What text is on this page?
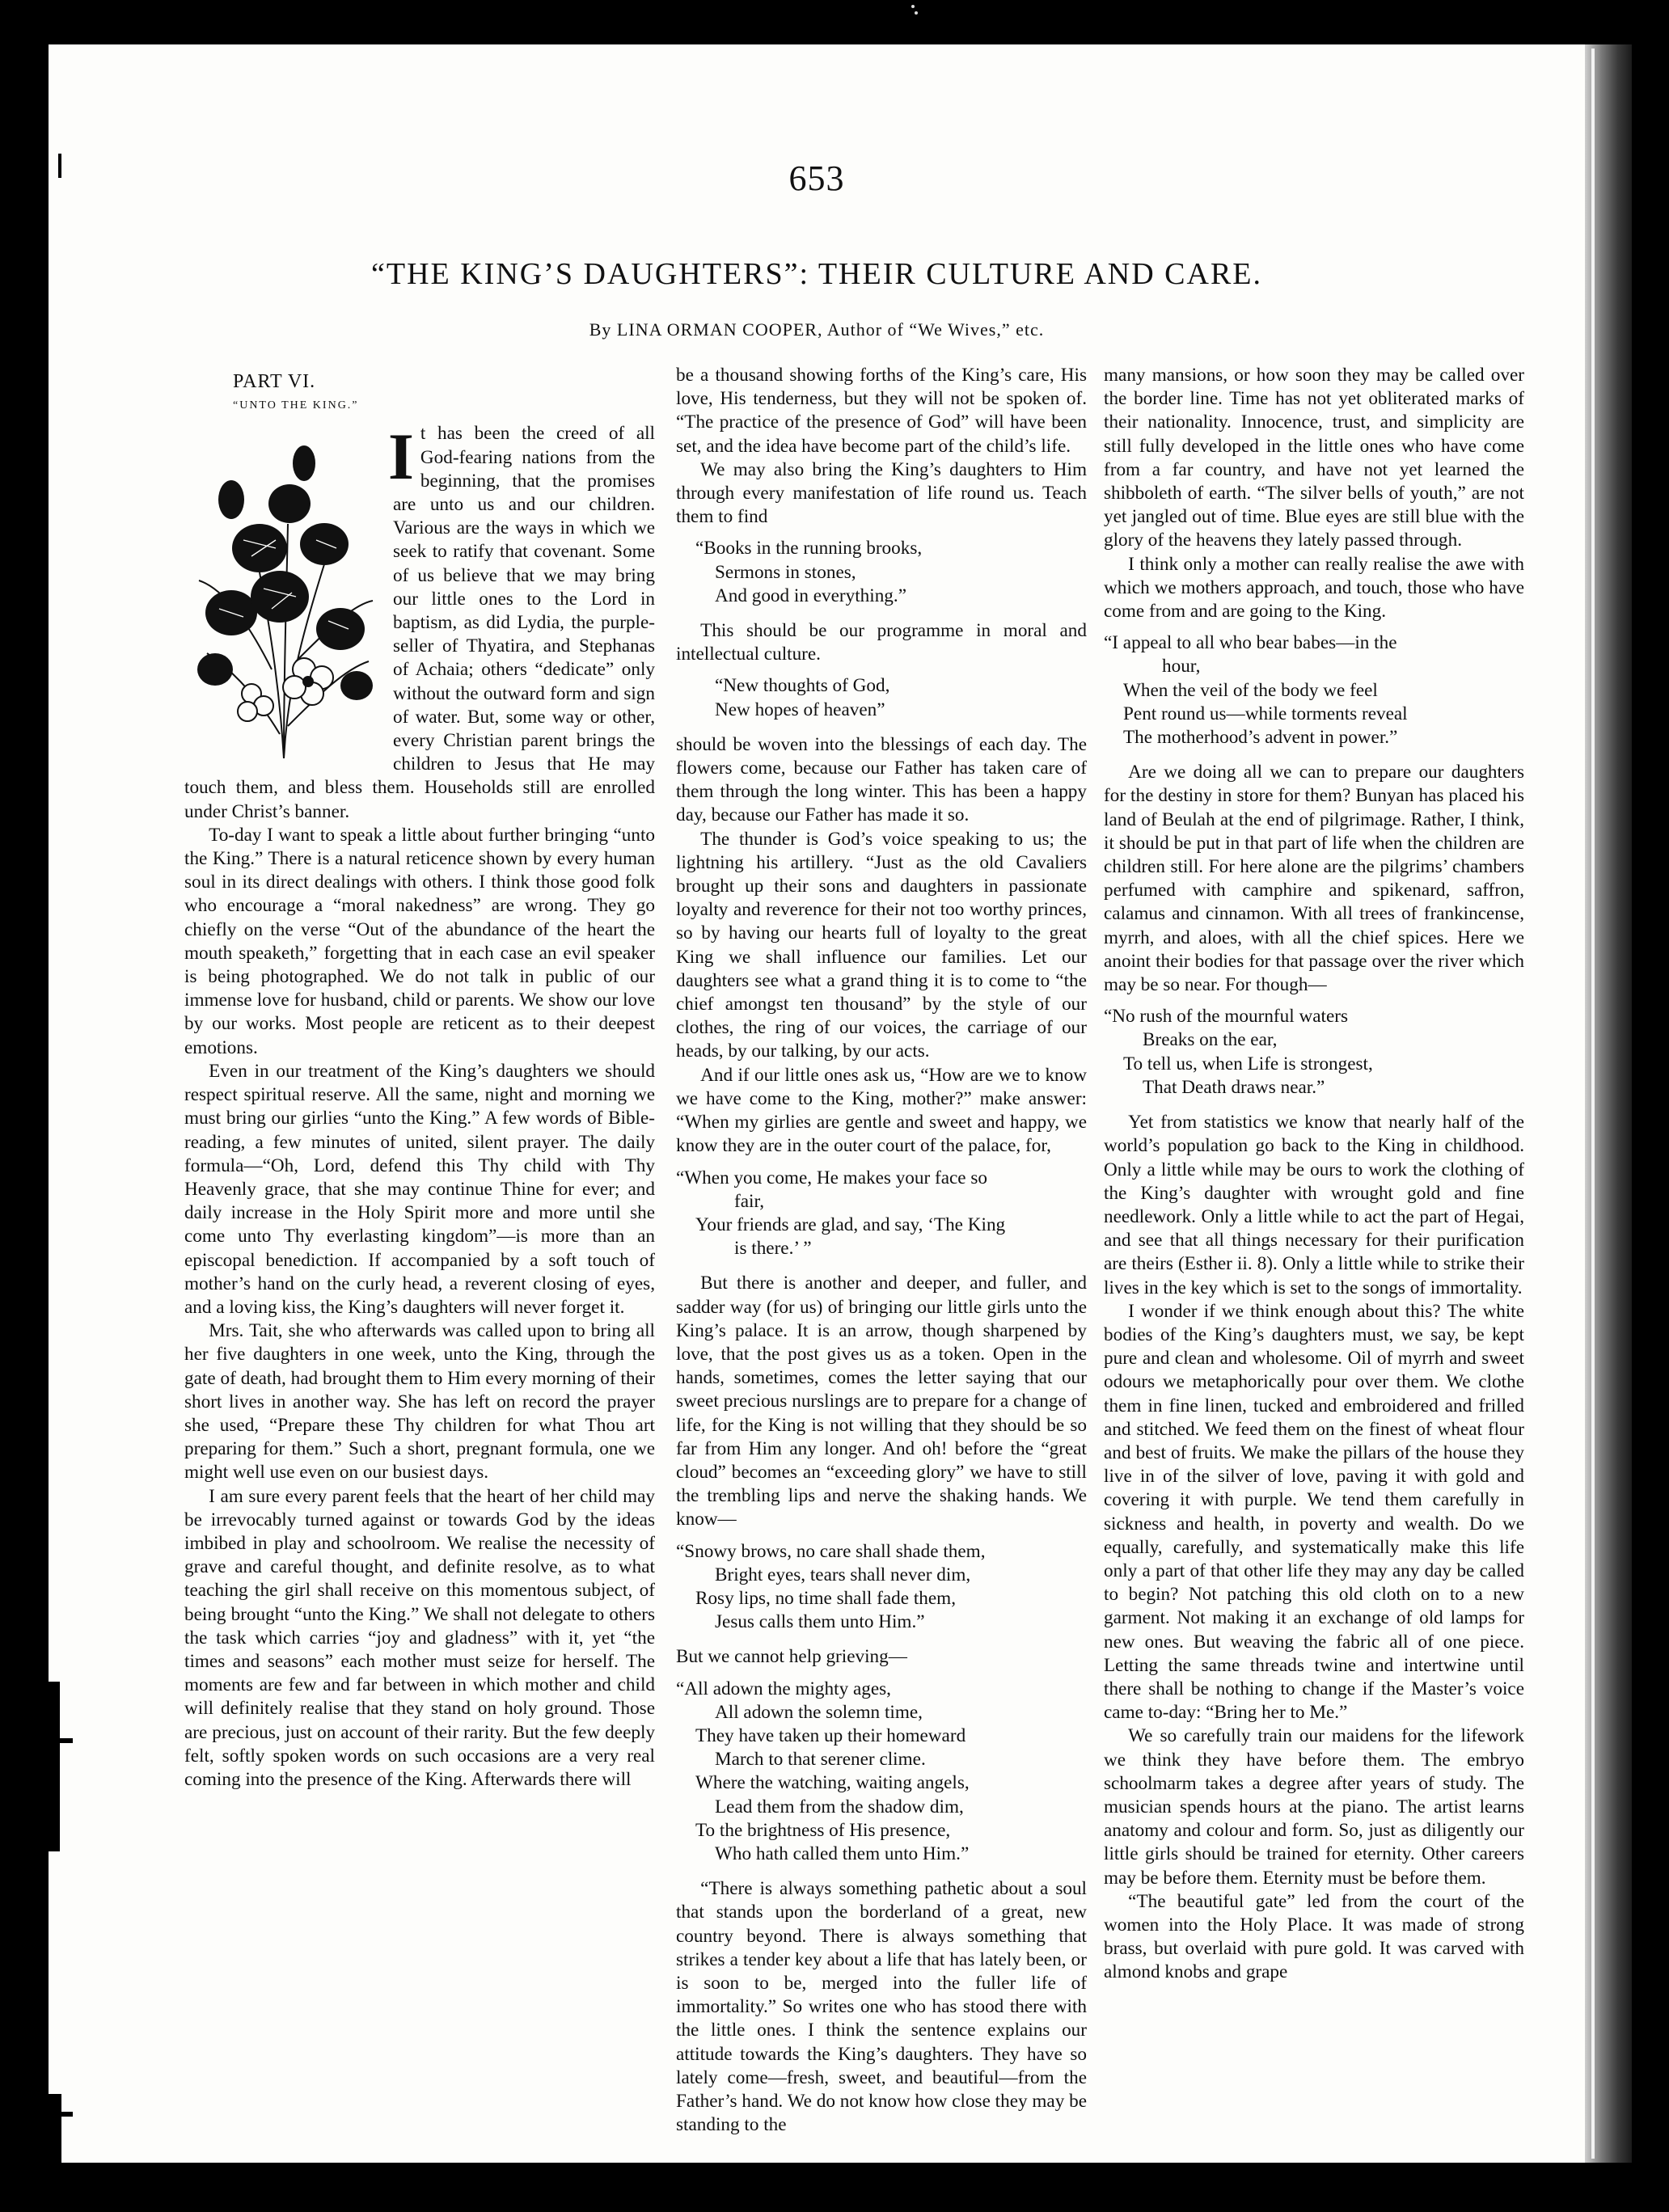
653
“THE KING’S DAUGHTERS”: THEIR CULTURE AND CARE.
By LINA ORMAN COOPER, Author of “We Wives,” etc.
PART VI.
“UNTO THE KING.”
I t has been the creed of all God-fearing nations from the beginning, that the promises are unto us and our children. Various are the ways in which we seek to ratify that covenant. Some of us believe that we may bring our little ones to the Lord in baptism, as did Lydia, the purple-seller of Thyatira, and Stephanas of Achaia; others “dedicate” only without the outward form and sign of water. But, some way or other, every Christian parent brings the children to Jesus that He may touch them, and bless them. Households still are enrolled under Christ’s banner.

To-day I want to speak a little about further bringing “unto the King.” There is a natural reticence shown by every human soul in its direct dealings with others. I think those good folk who encourage a “moral nakedness” are wrong. They go chiefly on the verse “Out of the abundance of the heart the mouth speaketh,” forgetting that in each case an evil speaker is being photographed. We do not talk in public of our immense love for husband, child or parents. We show our love by our works. Most people are reticent as to their deepest emotions.

Even in our treatment of the King’s daughters we should respect spiritual reserve. All the same, night and morning we must bring our girlies “unto the King.” A few words of Bible-reading, a few minutes of united, silent prayer. The daily formula—“Oh, Lord, defend this Thy child with Thy Heavenly grace, that she may continue Thine for ever; and daily increase in the Holy Spirit more and more until she come unto Thy everlasting kingdom”—is more than an episcopal benediction. If accompanied by a soft touch of mother’s hand on the curly head, a reverent closing of eyes, and a loving kiss, the King’s daughters will never forget it.

Mrs. Tait, she who afterwards was called upon to bring all her five daughters in one week, unto the King, through the gate of death, had brought them to Him every morning of their short lives in another way. She has left on record the prayer she used, “Prepare these Thy children for what Thou art preparing for them.” Such a short, pregnant formula, one we might well use even on our busiest days.

I am sure every parent feels that the heart of her child may be irrevocably turned against or towards God by the ideas imbibed in play and schoolroom. We realise the necessity of grave and careful thought, and definite resolve, as to what teaching the girl shall receive on this momentous subject, of being brought “unto the King.” We shall not delegate to others the task which carries “joy and gladness” with it, yet “the times and seasons” each mother must seize for herself. The moments are few and far between in which mother and child will definitely realise that they stand on holy ground. Those are precious, just on account of their rarity. But the few deeply felt, softly spoken words on such occasions are a very real coming into the presence of the King. Afterwards there will

be a thousand showing forths of the King’s care, His love, His tenderness, but they will not be spoken of. “The practice of the presence of God” will have been set, and the idea have become part of the child’s life.

We may also bring the King’s daughters to Him through every manifestation of life round us. Teach them to find

“Books in the running brooks,
Sermons in stones,
And good in everything.”

This should be our programme in moral and intellectual culture.

“New thoughts of God,
New hopes of heaven”

should be woven into the blessings of each day. The flowers come, because our Father has taken care of them through the long winter. This has been a happy day, because our Father has made it so.

The thunder is God’s voice speaking to us; the lightning his artillery. “Just as the old Cavaliers brought up their sons and daughters in passionate loyalty and reverence for their not too worthy princes, so by having our hearts full of loyalty to the great King we shall influence our families. Let our daughters see what a grand thing it is to come to “the chief amongst ten thousand” by the style of our clothes, the ring of our voices, the carriage of our heads, by our talking, by our acts.

And if our little ones ask us, “How are we to know we have come to the King, mother?” make answer: “When my girlies are gentle and sweet and happy, we know they are in the outer court of the palace, for,

“When you come, He makes your face so
fair,
Your friends are glad, and say, ‘The King
is there.’ ”

But there is another and deeper, and fuller, and sadder way (for us) of bringing our little girls unto the King’s palace. It is an arrow, though sharpened by love, that the post gives us as a token. Open in the hands, sometimes, comes the letter saying that our sweet precious nurslings are to prepare for a change of life, for the King is not willing that they should be so far from Him any longer. And oh! before the “great cloud” becomes an “exceeding glory” we have to still the trembling lips and nerve the shaking hands. We know—

“Snowy brows, no care shall shade them,
Bright eyes, tears shall never dim,
Rosy lips, no time shall fade them,
Jesus calls them unto Him.”

But we cannot help grieving—

“All adown the mighty ages,
All adown the solemn time,
They have taken up their homeward
March to that serener clime.
Where the watching, waiting angels,
Lead them from the shadow dim,
To the brightness of His presence,
Who hath called them unto Him.”

“There is always something pathetic about a soul that stands upon the borderland of a great, new country beyond. There is always something that strikes a tender key about a life that has lately been, or is soon to be, merged into the fuller life of immortality.” So writes one who has stood there with the little ones. I think the sentence explains our attitude towards the King’s daughters. They have so lately come—fresh, sweet, and beautiful—from the Father’s hand. We do not know how close they may be standing to the

many mansions, or how soon they may be called over the border line. Time has not yet obliterated marks of their nationality. Innocence, trust, and simplicity are still fully developed in the little ones who have come from a far country, and have not yet learned the shibboleth of earth. “The silver bells of youth,” are not yet jangled out of time. Blue eyes are still blue with the glory of the heavens they lately passed through.

I think only a mother can really realise the awe with which we mothers approach, and touch, those who have come from and are going to the King.

“I appeal to all who bear babes—in the
hour,
When the veil of the body we feel
Pent round us—while torments reveal
The motherhood’s advent in power.”

Are we doing all we can to prepare our daughters for the destiny in store for them? Bunyan has placed his land of Beulah at the end of pilgrimage. Rather, I think, it should be put in that part of life when the children are children still. For here alone are the pilgrims’ chambers perfumed with camphire and spikenard, saffron, calamus and cinnamon. With all trees of frankincense, myrrh, and aloes, with all the chief spices. Here we anoint their bodies for that passage over the river which may be so near. For though—

“No rush of the mournful waters
Breaks on the ear,
To tell us, when Life is strongest,
That Death draws near.”

Yet from statistics we know that nearly half of the world’s population go back to the King in childhood. Only a little while may be ours to work the clothing of the King’s daughter with wrought gold and fine needlework. Only a little while to act the part of Hegai, and see that all things necessary for their purification are theirs (Esther ii. 8). Only a little while to strike their lives in the key which is set to the songs of immortality.

I wonder if we think enough about this? The white bodies of the King’s daughters must, we say, be kept pure and clean and wholesome. Oil of myrrh and sweet odours we metaphorically pour over them. We clothe them in fine linen, tucked and embroidered and frilled and stitched. We feed them on the finest of wheat flour and best of fruits. We make the pillars of the house they live in of the silver of love, paving it with gold and covering it with purple. We tend them carefully in sickness and health, in poverty and wealth. Do we equally, carefully, and systematically make this life only a part of that other life they may any day be called to begin? Not patching this old cloth on to a new garment. Not making it an exchange of old lamps for new ones. But weaving the fabric all of one piece. Letting the same threads twine and intertwine until there shall be nothing to change if the Master’s voice came to-day: “Bring her to Me.”

We so carefully train our maidens for the lifework we think they have before them. The embryo schoolmarm takes a degree after years of study. The musician spends hours at the piano. The artist learns anatomy and colour and form. So, just as diligently our little girls should be trained for eternity. Other careers may be before them. Eternity must be before them.

“The beautiful gate” led from the court of the women into the Holy Place. It was made of strong brass, but overlaid with pure gold. It was carved with almond knobs and grape
